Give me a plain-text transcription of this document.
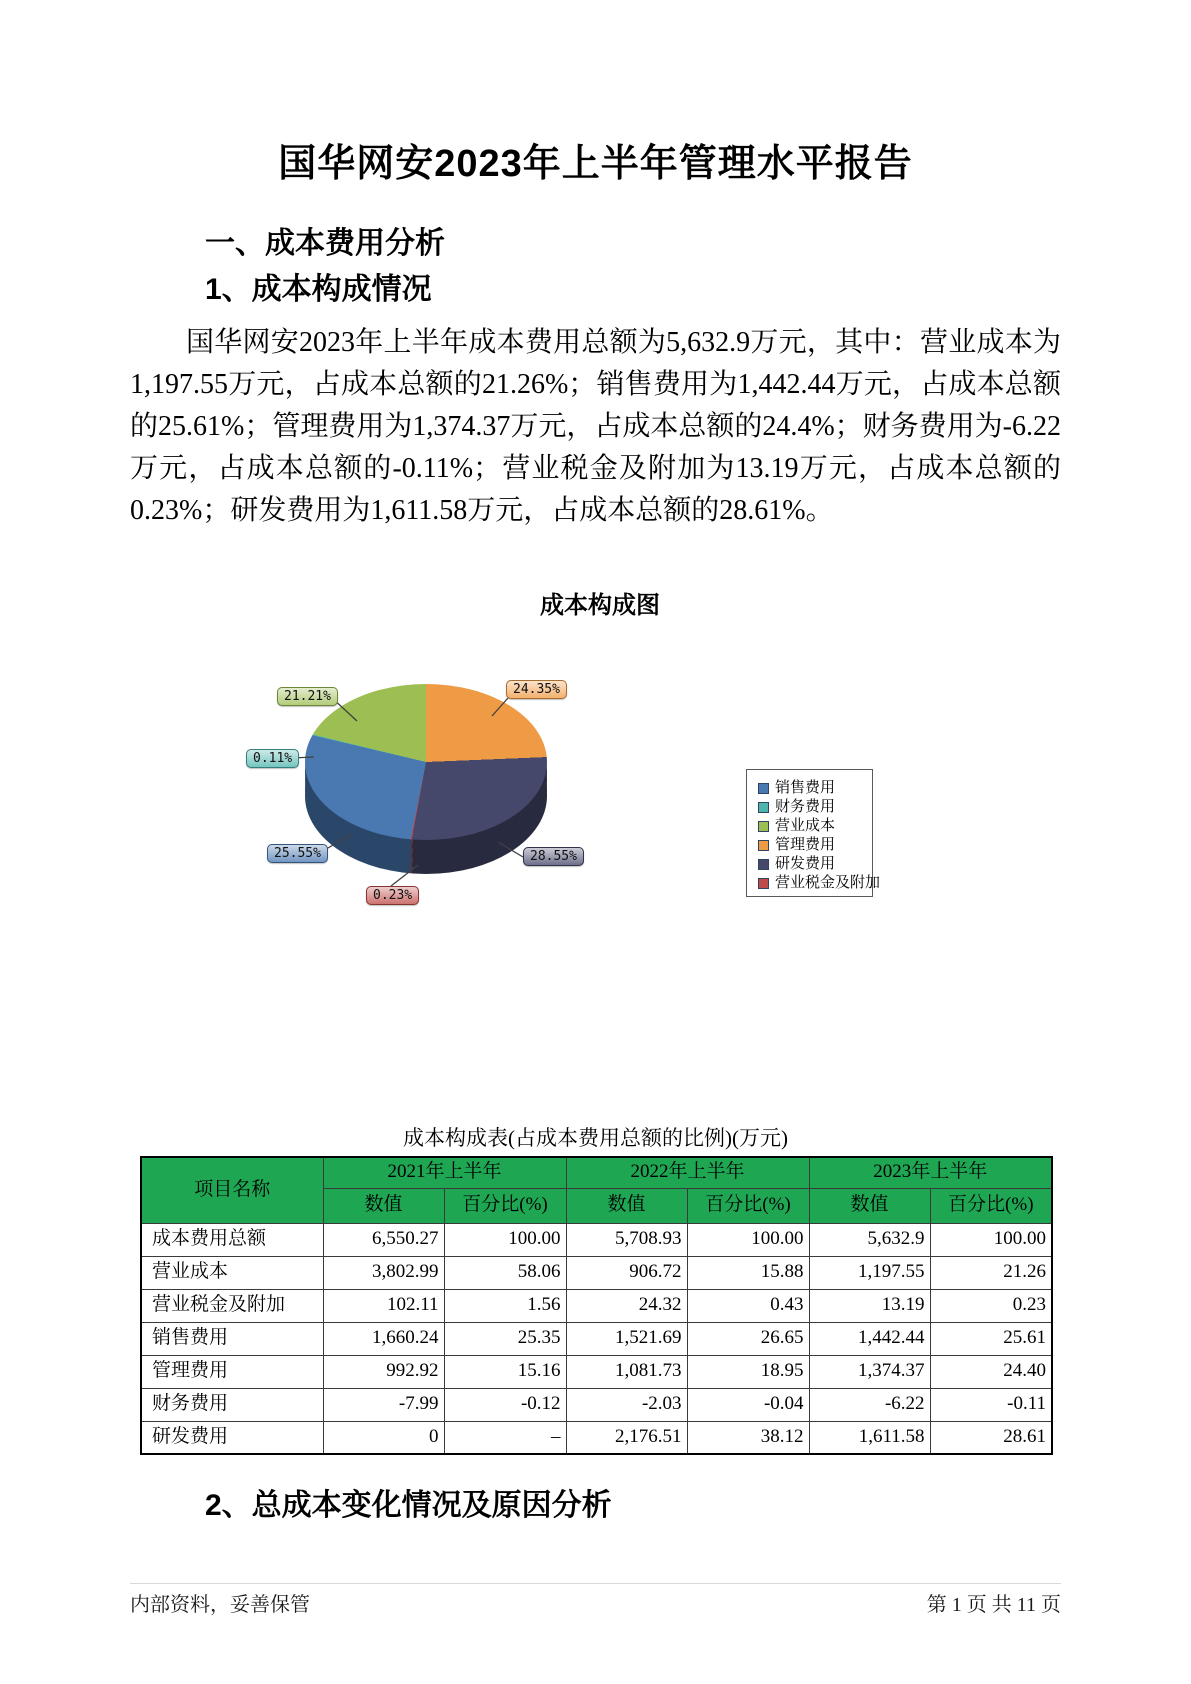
国华网安2023年上半年管理水平报告
一、成本费用分析
1、成本构成情况

国华网安2023年上半年成本费用总额为5,632.9万元，其中：营业成本为1,197.55万元，占成本总额的21.26%；销售费用为1,442.44万元，占成本总额的25.61%；管理费用为1,374.37万元，占成本总额的24.4%；财务费用为-6.22万元，占成本总额的-0.11%；营业税金及附加为13.19万元，占成本总额的0.23%；研发费用为1,611.58万元，占成本总额的28.61%。

成本构成图
24.35%
28.55%
0.23%
25.55%
0.11%
21.21%
销售费用
财务费用
营业成本
管理费用
研发费用
营业税金及附加
成本构成表(占成本费用总额的比例)(万元)
项目名称	2021年上半年		2022年上半年		2023年上半年	
	数值	百分比(%)	数值	百分比(%)	数值	百分比(%)
成本费用总额	6,550.27	100.00	5,708.93	100.00	5,632.9	100.00
营业成本	3,802.99	58.06	906.72	15.88	1,197.55	21.26
营业税金及附加	102.11	1.56	24.32	0.43	13.19	0.23
销售费用	1,660.24	25.35	1,521.69	26.65	1,442.44	25.61
管理费用	992.92	15.16	1,081.73	18.95	1,374.37	24.40
财务费用	-7.99	-0.12	-2.03	-0.04	-6.22	-0.11
研发费用	0	–	2,176.51	38.12	1,611.58	28.61
2、总成本变化情况及原因分析
内部资料，妥善保管	第 1 页 共 11 页
